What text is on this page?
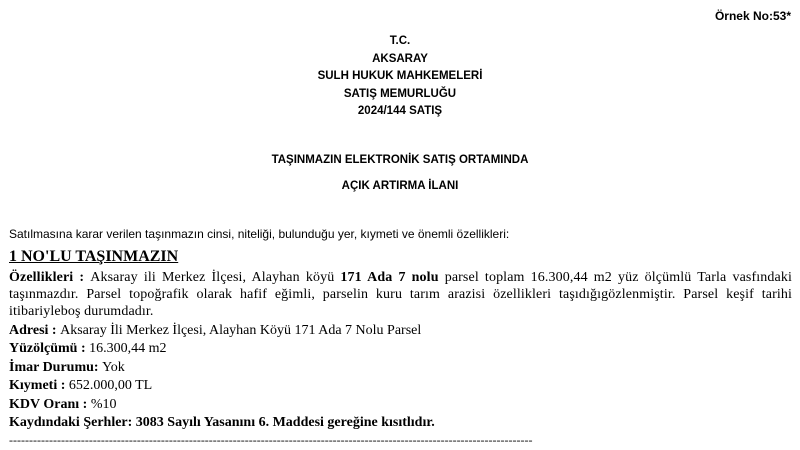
Örnek No:53*
T.C.
AKSARAY
SULH HUKUK MAHKEMELERİ
SATIŞ MEMURLUĞU
2024/144 SATIŞ
TAŞINMAZIN ELEKTRONİK SATIŞ ORTAMINDA
AÇIK ARTIRMA İLANI
Satılmasına karar verilen taşınmazın cinsi, niteliği, bulunduğu yer, kıymeti ve önemli özellikleri:
1 NO'LU TAŞINMAZIN

Özellikleri : Aksaray ili Merkez İlçesi, Alayhan köyü 171 Ada 7 nolu parsel toplam 16.300,44 m2 yüz ölçümlü Tarla vasfındaki taşınmazdır. Parsel topoğrafik olarak hafif eğimli, parselin kuru tarım arazisi özellikleri taşıdığıgözlenmiştir. Parsel keşif tarihi itibariyleboş durumdadır.

Adresi : Aksaray İli Merkez İlçesi, Alayhan Köyü 171 Ada 7 Nolu Parsel

Yüzölçümü : 16.300,44 m2

İmar Durumu: Yok

Kıymeti : 652.000,00 TL

KDV Oranı : %10

Kaydındaki Şerhler: 3083 Sayılı Yasanını 6. Maddesi gereğine kısıtlıdır.

-----------------------------------------------------------------------------------------------------------------------------------
